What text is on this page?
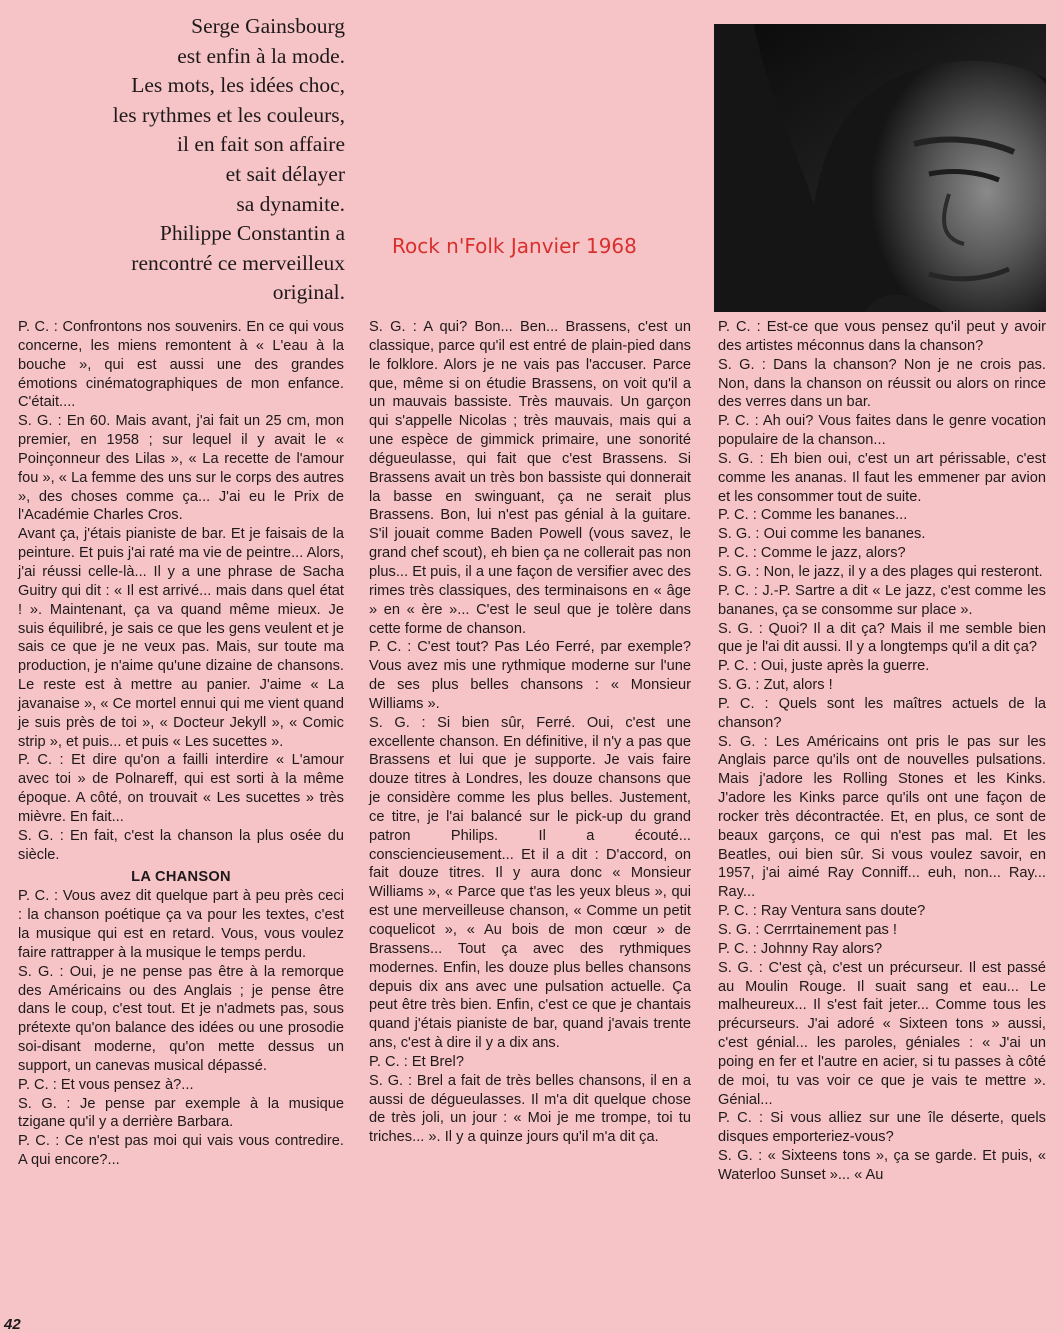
Serge Gainsbourg
est enfin à la mode.
Les mots, les idées choc,
les rythmes et les couleurs,
il en fait son affaire
et sait délayer
sa dynamite.
Philippe Constantin a
rencontré ce merveilleux
original.
Rock n'Folk Janvier 1968

P. C. : Confrontons nos souvenirs. En ce qui vous concerne, les miens remontent à « L'eau à la bouche », qui est aussi une des grandes émotions cinématographiques de mon enfance. C'était....

S. G. : En 60. Mais avant, j'ai fait un 25 cm, mon premier, en 1958 ; sur lequel il y avait le « Poinçonneur des Lilas », « La recette de l'amour fou », « La femme des uns sur le corps des autres », des choses comme ça... J'ai eu le Prix de l'Académie Charles Cros.

Avant ça, j'étais pianiste de bar. Et je faisais de la peinture. Et puis j'ai raté ma vie de peintre... Alors, j'ai réussi celle-là... Il y a une phrase de Sacha Guitry qui dit : « Il est arrivé... mais dans quel état ! ». Maintenant, ça va quand même mieux. Je suis équilibré, je sais ce que les gens veulent et je sais ce que je ne veux pas. Mais, sur toute ma production, je n'aime qu'une dizaine de chansons. Le reste est à mettre au panier. J'aime « La javanaise », « Ce mortel ennui qui me vient quand je suis près de toi », « Docteur Jekyll », « Comic strip », et puis... et puis « Les sucettes ».

P. C. : Et dire qu'on a failli interdire « L'amour avec toi » de Polnareff, qui est sorti à la même époque. A côté, on trouvait « Les sucettes » très mièvre. En fait...

S. G. : En fait, c'est la chanson la plus osée du siècle.

LA CHANSON

P. C. : Vous avez dit quelque part à peu près ceci : la chanson poétique ça va pour les textes, c'est la musique qui est en retard. Vous, vous voulez faire rattrapper à la musique le temps perdu.

S. G. : Oui, je ne pense pas être à la remorque des Américains ou des Anglais ; je pense être dans le coup, c'est tout. Et je n'admets pas, sous prétexte qu'on balance des idées ou une prosodie soi-disant moderne, qu'on mette dessus un support, un canevas musical dépassé.

P. C. : Et vous pensez à?...

S. G. : Je pense par exemple à la musique tzigane qu'il y a derrière Barbara.

P. C. : Ce n'est pas moi qui vais vous contredire. A qui encore?...

S. G. : A qui? Bon... Ben... Brassens, c'est un classique, parce qu'il est entré de plain-pied dans le folklore. Alors je ne vais pas l'accuser. Parce que, même si on étudie Brassens, on voit qu'il a un mauvais bassiste. Très mauvais. Un garçon qui s'appelle Nicolas ; très mauvais, mais qui a une espèce de gimmick primaire, une sonorité dégueulasse, qui fait que c'est Brassens. Si Brassens avait un très bon bassiste qui donnerait la basse en swinguant, ça ne serait plus Brassens. Bon, lui n'est pas génial à la guitare. S'il jouait comme Baden Powell (vous savez, le grand chef scout), eh bien ça ne collerait pas non plus... Et puis, il a une façon de versifier avec des rimes très classiques, des terminaisons en « âge » en « ère »... C'est le seul que je tolère dans cette forme de chanson.

P. C. : C'est tout? Pas Léo Ferré, par exemple? Vous avez mis une rythmique moderne sur l'une de ses plus belles chansons : « Monsieur Williams ».

S. G. : Si bien sûr, Ferré. Oui, c'est une excellente chanson. En définitive, il n'y a pas que Brassens et lui que je supporte. Je vais faire douze titres à Londres, les douze chansons que je considère comme les plus belles. Justement, ce titre, je l'ai balancé sur le pick-up du grand patron Philips. Il a écouté... consciencieusement... Et il a dit : D'accord, on fait douze titres. Il y aura donc « Monsieur Williams », « Parce que t'as les yeux bleus », qui est une merveilleuse chanson, « Comme un petit coquelicot », « Au bois de mon cœur » de Brassens... Tout ça avec des rythmiques modernes. Enfin, les douze plus belles chansons depuis dix ans avec une pulsation actuelle. Ça peut être très bien. Enfin, c'est ce que je chantais quand j'étais pianiste de bar, quand j'avais trente ans, c'est à dire il y a dix ans.

P. C. : Et Brel?

S. G. : Brel a fait de très belles chansons, il en a aussi de dégueulasses. Il m'a dit quelque chose de très joli, un jour : « Moi je me trompe, toi tu triches... ». Il y a quinze jours qu'il m'a dit ça.

P. C. : Est-ce que vous pensez qu'il peut y avoir des artistes méconnus dans la chanson?

S. G. : Dans la chanson? Non je ne crois pas. Non, dans la chanson on réussit ou alors on rince des verres dans un bar.

P. C. : Ah oui? Vous faites dans le genre vocation populaire de la chanson...

S. G. : Eh bien oui, c'est un art périssable, c'est comme les ananas. Il faut les emmener par avion et les consommer tout de suite.

P. C. : Comme les bananes...

S. G. : Oui comme les bananes.

P. C. : Comme le jazz, alors?

S. G. : Non, le jazz, il y a des plages qui resteront.

P. C. : J.-P. Sartre a dit « Le jazz, c'est comme les bananes, ça se consomme sur place ».

S. G. : Quoi? Il a dit ça? Mais il me semble bien que je l'ai dit aussi. Il y a longtemps qu'il a dit ça?

P. C. : Oui, juste après la guerre.

S. G. : Zut, alors !

P. C. : Quels sont les maîtres actuels de la chanson?

S. G. : Les Américains ont pris le pas sur les Anglais parce qu'ils ont de nouvelles pulsations. Mais j'adore les Rolling Stones et les Kinks. J'adore les Kinks parce qu'ils ont une façon de rocker très décontractée. Et, en plus, ce sont de beaux garçons, ce qui n'est pas mal. Et les Beatles, oui bien sûr. Si vous voulez savoir, en 1957, j'ai aimé Ray Conniff... euh, non... Ray... Ray...

P. C. : Ray Ventura sans doute?

S. G. : Cerrrtainement pas !

P. C. : Johnny Ray alors?

S. G. : C'est çà, c'est un précurseur. Il est passé au Moulin Rouge. Il suait sang et eau... Le malheureux... Il s'est fait jeter... Comme tous les précurseurs. J'ai adoré « Sixteen tons » aussi, c'est génial... les paroles, géniales : « J'ai un poing en fer et l'autre en acier, si tu passes à côté de moi, tu vas voir ce que je vais te mettre ». Génial...

P. C. : Si vous alliez sur une île déserte, quels disques emporteriez-vous?

S. G. : « Sixteens tons », ça se garde. Et puis, « Waterloo Sunset »... « Au

42
